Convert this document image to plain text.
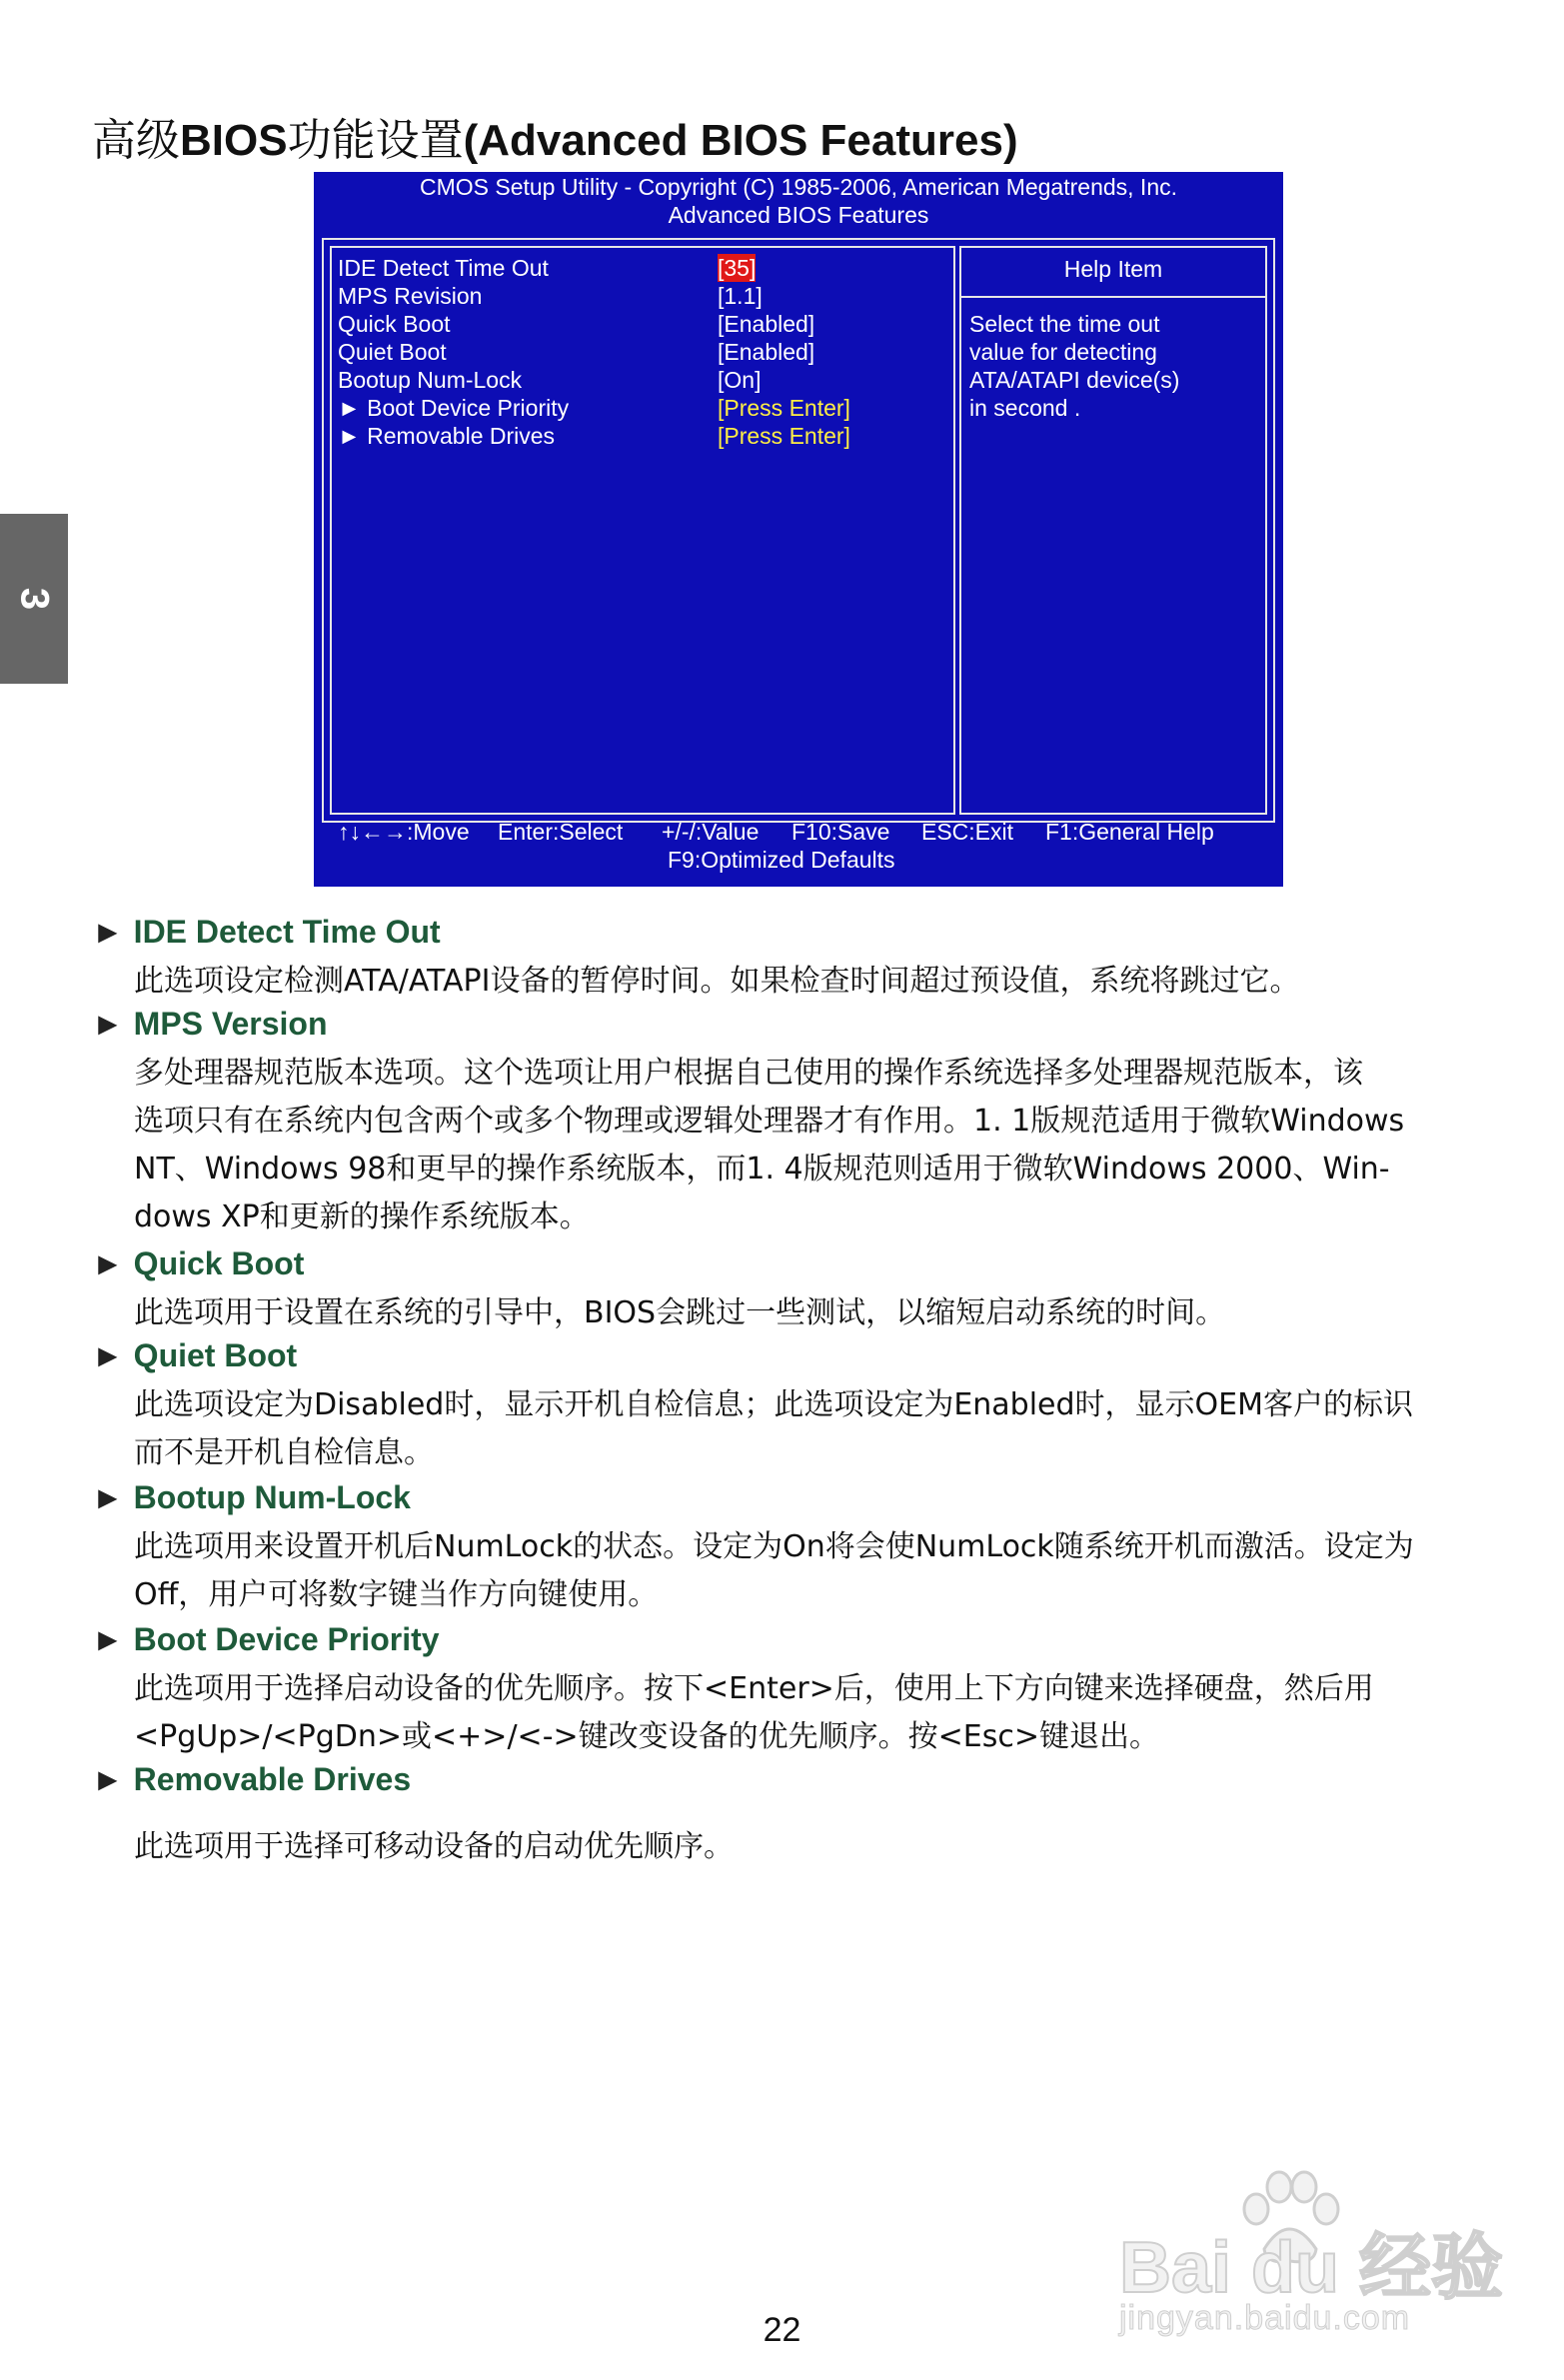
高级BIOS功能设置(Advanced BIOS Features)
3
CMOS Setup Utility - Copyright (C) 1985-2006, American Megatrends, Inc.
Advanced BIOS Features
Help Item
IDE Detect Time Out	[35]
MPS Revision	[1.1]
Quick Boot	[Enabled]
Quiet Boot	[Enabled]
Bootup Num-Lock	[On]
► Boot Device Priority	[Press Enter]
► Removable Drives	[Press Enter]
Select the time out
value for detecting
ATA/ATAPI device(s)
in second .
↑↓←→:Move Enter:Select +/-/:Value F10:Save ESC:Exit F1:General Help
F9:Optimized Defaults
► IDE Detect Time Out
此选项设定检测ATA/ATAPI设备的暂停时间。如果检查时间超过预设值，系统将跳过它。
► MPS Version
多处理器规范版本选项。这个选项让用户根据自己使用的操作系统选择多处理器规范版本，该
选项只有在系统内包含两个或多个物理或逻辑处理器才有作用。1. 1版规范适用于微软Windows
NT、Windows 98和更早的操作系统版本，而1. 4版规范则适用于微软Windows 2000、Win-
dows XP和更新的操作系统版本。
► Quick Boot
此选项用于设置在系统的引导中，BIOS会跳过一些测试，以缩短启动系统的时间。
► Quiet Boot
此选项设定为Disabled时，显示开机自检信息；此选项设定为Enabled时，显示OEM客户的标识
而不是开机自检信息。
► Bootup Num-Lock
此选项用来设置开机后NumLock的状态。设定为On将会使NumLock随系统开机而激活。设定为
Off，用户可将数字键当作方向键使用。
► Boot Device Priority
此选项用于选择启动设备的优先顺序。按下<Enter>后，使用上下方向键来选择硬盘，然后用
<PgUp>/<PgDn>或<+>/<->键改变设备的优先顺序。按<Esc>键退出。
► Removable Drives
此选项用于选择可移动设备的启动优先顺序。
22
Bai du 经验
jingyan.baidu.com
